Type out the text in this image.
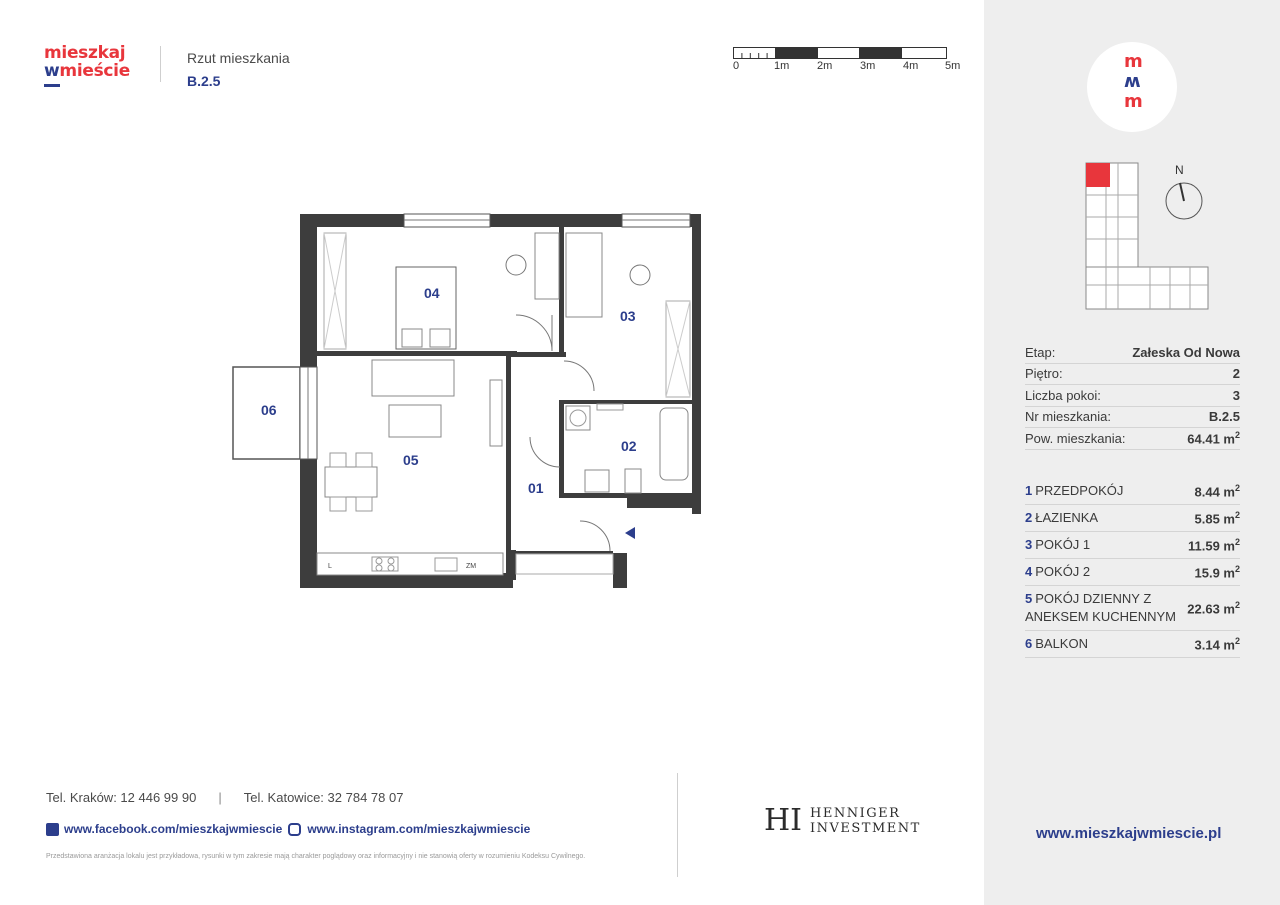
mieszkaj
wmieście
Rzut mieszkania
B.2.5
0	1m	2m	3m	4m 5m
04
03
06
05
02
01
L	ZM
m
w
m
N
Etap:	Załeska Od Nowa
Piętro:	2
Liczba pokoi:	3
Nr mieszkania:	B.2.5
Pow. mieszkania:	64.41 $m^2$
1 PRZEDPOKÓJ	8.44 $m^2$
2 ŁAZIENKA	5.85 $m^2$
3 POKÓJ 1	11.59 $m^2$
4 POKÓJ 2	15.9 $m^2$
5 POKÓJ DZIENNY Z ANEKSEM KUCHENNYM
22.63 $m^2$
6 BALKON	3.14 $m^2$
www.mieszkajwmiescie.pl
Tel. Kraków: 12 446 99 90 | Tel. Katowice: 32 784 78 07
www.facebook.com/mieszkajwmiescie www.instagram.com/mieszkajwmiescie
Przedstawiona aranżacja lokalu jest przykładowa, rysunki w tym zakresie mają charakter poglądowy oraz informacyjny i nie stanowią oferty w rozumieniu Kodeksu Cywilnego.
HI HENNIGER
INVESTMENT
